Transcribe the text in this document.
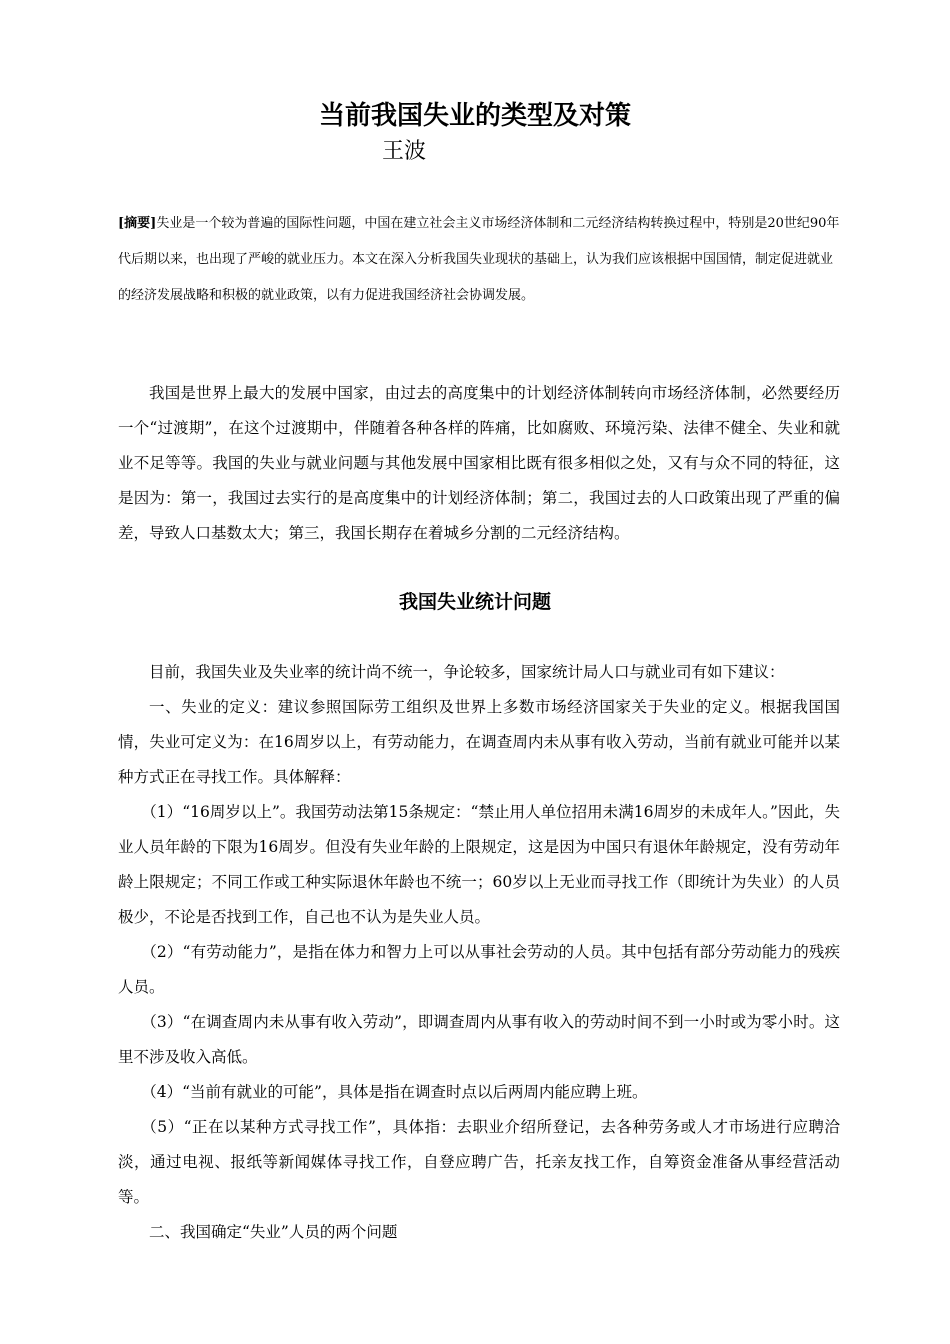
当前我国失业的类型及对策
王波
[摘要]失业是一个较为普遍的国际性问题，中国在建立社会主义市场经济体制和二元经济结构转换过程中，特别是20世纪90年代后期以来，也出现了严峻的就业压力。本文在深入分析我国失业现状的基础上，认为我们应该根据中国国情，制定促进就业的经济发展战略和积极的就业政策，以有力促进我国经济社会协调发展。

我国是世界上最大的发展中国家，由过去的高度集中的计划经济体制转向市场经济体制，必然要经历一个“过渡期”，在这个过渡期中，伴随着各种各样的阵痛，比如腐败、环境污染、法律不健全、失业和就业不足等等。我国的失业与就业问题与其他发展中国家相比既有很多相似之处，又有与众不同的特征，这是因为：第一，我国过去实行的是高度集中的计划经济体制；第二，我国过去的人口政策出现了严重的偏差，导致人口基数太大；第三，我国长期存在着城乡分割的二元经济结构。

我国失业统计问题

目前，我国失业及失业率的统计尚不统一，争论较多，国家统计局人口与就业司有如下建议：

一、失业的定义：建议参照国际劳工组织及世界上多数市场经济国家关于失业的定义。根据我国国情，失业可定义为：在16周岁以上，有劳动能力，在调查周内未从事有收入劳动，当前有就业可能并以某种方式正在寻找工作。具体解释：

（1）“16周岁以上”。我国劳动法第15条规定：“禁止用人单位招用未满16周岁的未成年人。”因此，失业人员年龄的下限为16周岁。但没有失业年龄的上限规定，这是因为中国只有退休年龄规定，没有劳动年龄上限规定；不同工作或工种实际退休年龄也不统一；60岁以上无业而寻找工作（即统计为失业）的人员极少，不论是否找到工作，自己也不认为是失业人员。

（2）“有劳动能力”，是指在体力和智力上可以从事社会劳动的人员。其中包括有部分劳动能力的残疾人员。

（3）“在调查周内未从事有收入劳动”，即调查周内从事有收入的劳动时间不到一小时或为零小时。这里不涉及收入高低。

（4）“当前有就业的可能”，具体是指在调查时点以后两周内能应聘上班。

（5）“正在以某种方式寻找工作”，具体指：去职业介绍所登记，去各种劳务或人才市场进行应聘洽淡，通过电视、报纸等新闻媒体寻找工作，自登应聘广告，托亲友找工作，自筹资金准备从事经营活动等。

二、我国确定“失业”人员的两个问题
